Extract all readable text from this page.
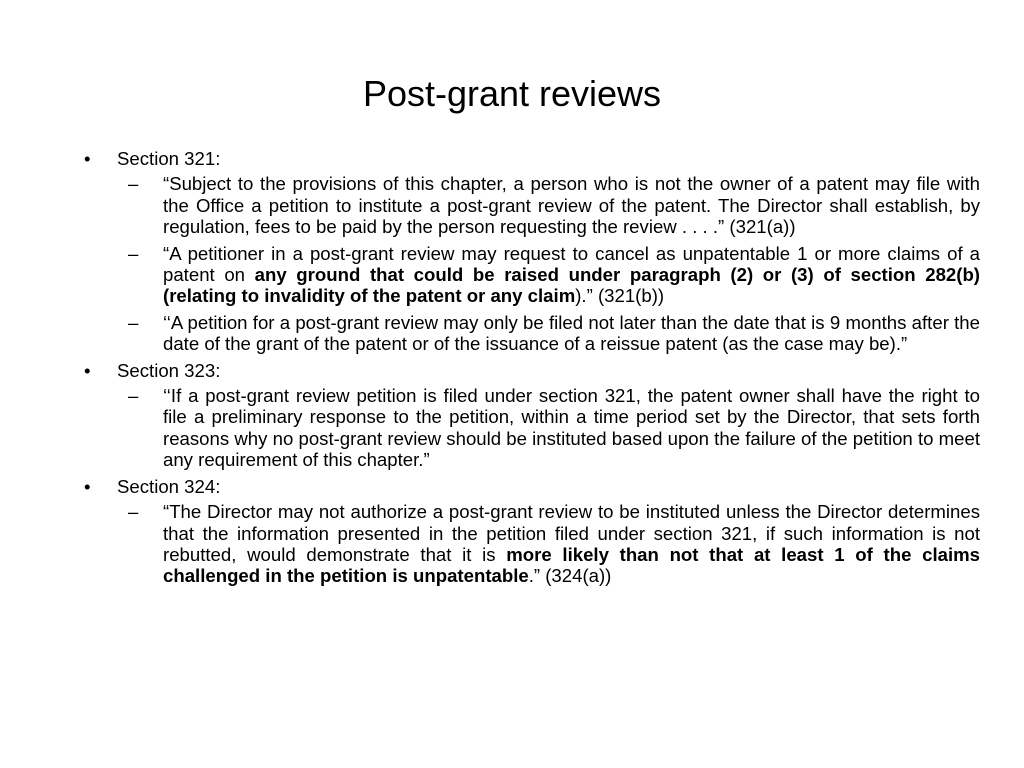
Post-grant reviews
•	Section 321:
– “Subject to the provisions of this chapter, a person who is not the owner of a patent may file with the Office a petition to institute a post-grant review of the patent. The Director shall establish, by regulation, fees to be paid by the person requesting the review . . . .” (321(a))
– “A petitioner in a post-grant review may request to cancel as unpatentable 1 or more claims of a patent on any ground that could be raised under paragraph (2) or (3) of section 282(b) (relating to invalidity of the patent or any claim).” (321(b))
– ‘‘A petition for a post-grant review may only be filed not later than the date that is 9 months after the date of the grant of the patent or of the issuance of a reissue patent (as the case may be).”
•	Section 323:
– ‘‘If a post-grant review petition is filed under section 321, the patent owner shall have the right to file a preliminary response to the petition, within a time period set by the Director, that sets forth reasons why no post-grant review should be instituted based upon the failure of the petition to meet any requirement of this chapter.”
•	Section 324:
– “The Director may not authorize a post-grant review to be instituted unless the Director determines that the information presented in the petition filed under section 321, if such information is not rebutted, would demonstrate that it is more likely than not that at least 1 of the claims challenged in the petition is unpatentable.” (324(a))
